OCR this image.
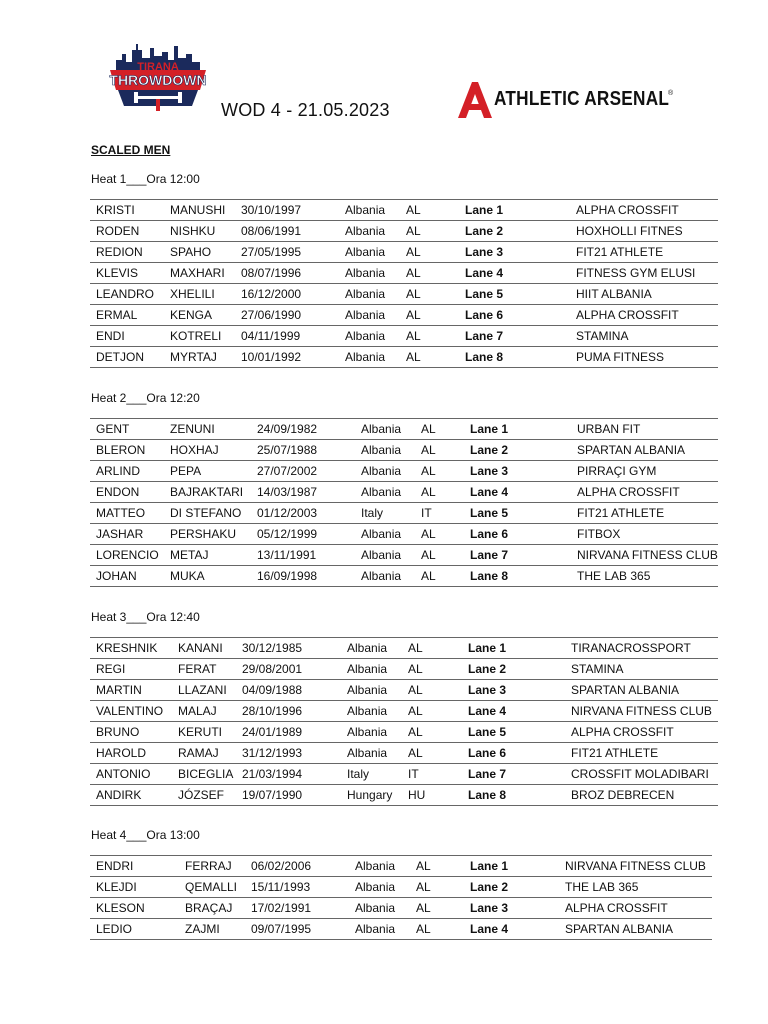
TIRANA
THROWDOWN
WOD 4 - 21.05.2023	ATHLETIC ARSENAL
®
SCALED MEN
Heat 1___Ora 12:00
KRISTI	MANUSHI 30/10/1997	Albania AL	Lane 1	ALPHA CROSSFIT
RODEN	NISHKU 08/06/1991	Albania AL	Lane 2	HOXHOLLI FITNES
REDION SPAHO 27/05/1995	Albania AL	Lane 3	FIT21 ATHLETE
KLEVIS	MAXHARI 08/07/1996	Albania AL	Lane 4	FITNESS GYM ELUSI
LEANDRO XHELILI 16/12/2000	Albania AL	Lane 5	HIIT ALBANIA
ERMAL	KENGA 27/06/1990	Albania AL	Lane 6	ALPHA CROSSFIT
ENDI	KOTRELI 04/11/1999	Albania AL	Lane 7	STAMINA
DETJON MYRTAJ 10/01/1992	Albania AL	Lane 8	PUMA FITNESS
Heat 2___Ora 12:20
GENT	ZENUNI	24/09/1982	Albania AL	Lane 1	URBAN FIT
BLERON HOXHAJ	25/07/1988	Albania AL	Lane 2	SPARTAN ALBANIA
ARLIND PEPA	27/07/2002	Albania AL	Lane 3	PIRRAÇI GYM
ENDON	BAJRAKTARI 14/03/1987	Albania AL	Lane 4	ALPHA CROSSFIT
MATTEO DI STEFANO 01/12/2003	Italy	IT	Lane 5	FIT21 ATHLETE
JASHAR PERSHAKU 05/12/1999	Albania AL	Lane 6	FITBOX
LORENCIO METAJ	13/11/1991	Albania AL	Lane 7	NIRVANA FITNESS CLUB
JOHAN	MUKA	16/09/1998	Albania AL	Lane 8	THE LAB 365
Heat 3___Ora 12:40
KRESHNIK KANANI 30/12/1985	Albania AL	Lane 1	TIRANACROSSPORT
REGI	FERAT 29/08/2001	Albania AL	Lane 2	STAMINA
MARTIN	LLAZANI 04/09/1988	Albania AL	Lane 3	SPARTAN ALBANIA
VALENTINO MALAJ 28/10/1996	Albania AL	Lane 4	NIRVANA FITNESS CLUB
BRUNO	KERUTI 24/01/1989	Albania AL	Lane 5	ALPHA CROSSFIT
HAROLD	RAMAJ 31/12/1993	Albania AL	Lane 6	FIT21 ATHLETE
ANTONIO BICEGLIA 21/03/1994	Italy	IT	Lane 7	CROSSFIT MOLADIBARI
ANDIRK	JÓZSEF 19/07/1990	Hungary HU	Lane 8	BROZ DEBRECEN
Heat 4___Ora 13:00
ENDRI	FERRAJ 06/02/2006	Albania AL	Lane 1	NIRVANA FITNESS CLUB
KLEJDI	QEMALLI 15/11/1993	Albania AL	Lane 2	THE LAB 365
KLESON	BRAÇAJ 17/02/1991	Albania AL	Lane 3	ALPHA CROSSFIT
LEDIO	ZAJMI	09/07/1995	Albania AL	Lane 4	SPARTAN ALBANIA
